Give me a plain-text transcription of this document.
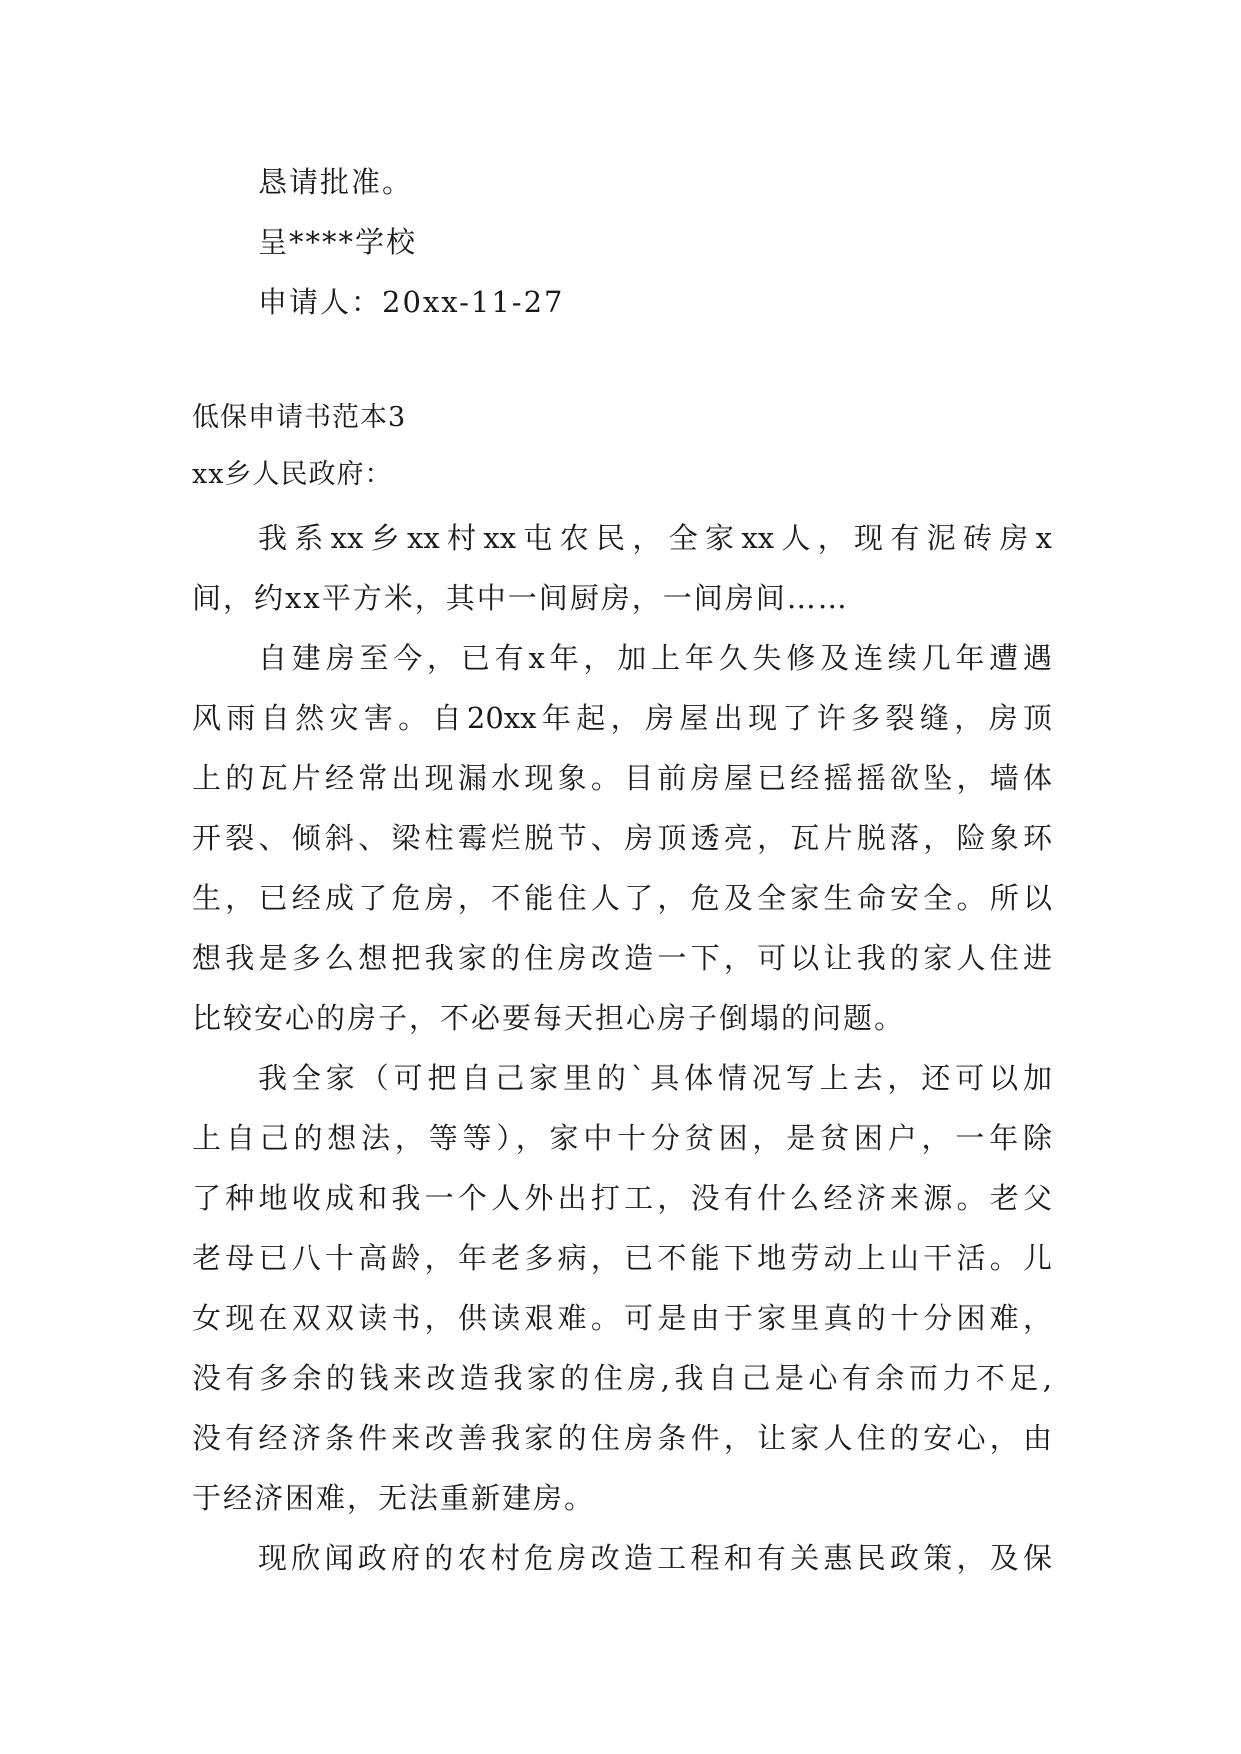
恳请批准。
呈****学校
申请人：20xx-11-27
低保申请书范本3
xx乡人民政府：
我系xx乡xx村xx屯农民，全家xx人，现有泥砖房x
间，约xx平方米，其中一间厨房，一间房间……
自建房至今，已有x年，加上年久失修及连续几年遭遇
风雨自然灾害。自20xx年起，房屋出现了许多裂缝，房顶
上的瓦片经常出现漏水现象。目前房屋已经摇摇欲坠，墙体
开裂、倾斜、梁柱霉烂脱节、房顶透亮，瓦片脱落，险象环
生，已经成了危房，不能住人了，危及全家生命安全。所以
想我是多么想把我家的住房改造一下，可以让我的家人住进
比较安心的房子，不必要每天担心房子倒塌的问题。
我全家（可把自己家里的`具体情况写上去，还可以加
上自己的想法，等等），家中十分贫困，是贫困户，一年除
了种地收成和我一个人外出打工，没有什么经济来源。老父
老母已八十高龄，年老多病，已不能下地劳动上山干活。儿
女现在双双读书，供读艰难。可是由于家里真的十分困难，
没有多余的钱来改造我家的住房,我自己是心有余而力不足,
没有经济条件来改善我家的住房条件，让家人住的安心，由
于经济困难，无法重新建房。
现欣闻政府的农村危房改造工程和有关惠民政策，及保
